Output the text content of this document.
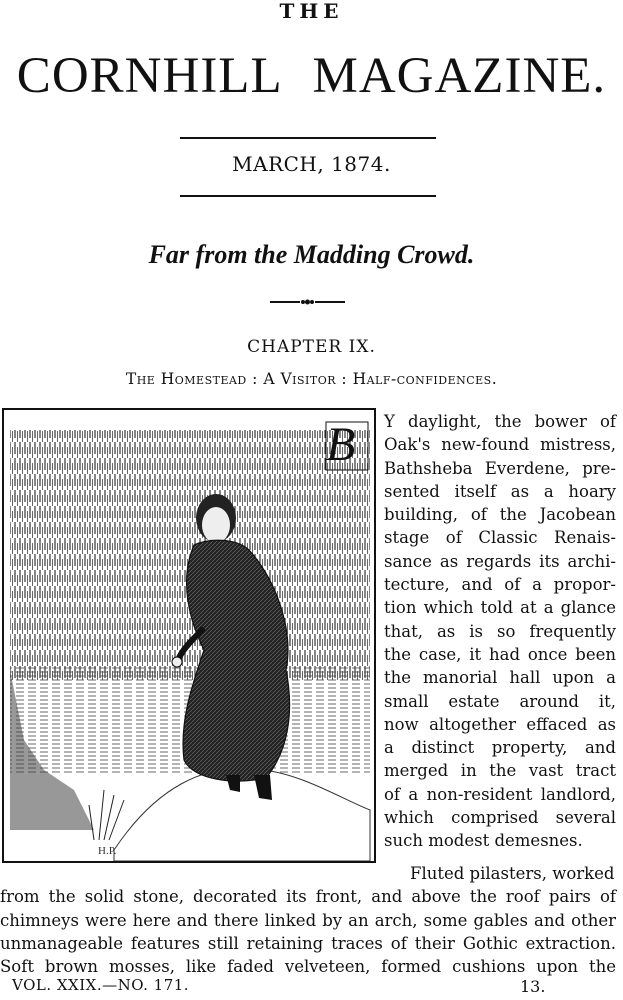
THE
CORNHILL MAGAZINE.
MARCH, 1874.
Far from the Madding Crowd.
CHAPTER IX.
The Homestead : A Visitor : Half-confidences.
B
H.P.
Y daylight, the bower of
Oak's new-found mistress,
Bathsheba Everdene, pre-
sented itself as a hoary
building, of the Jacobean
stage of Classic Renais-
sance as regards its archi-
tecture, and of a propor-
tion which told at a glance
that, as is so frequently
the case, it had once been
the manorial hall upon a
small estate around it,
now altogether effaced as
a distinct property, and
merged in the vast tract
of a non-resident landlord,
which comprised several
such modest demesnes.
Fluted pilasters, worked
from the solid stone, decorated its front, and above the roof pairs of
chimneys were here and there linked by an arch, some gables and other
unmanageable features still retaining traces of their Gothic extraction.
Soft brown mosses, like faded velveteen, formed cushions upon the
VOL. XXIX.—NO. 171.	13.
